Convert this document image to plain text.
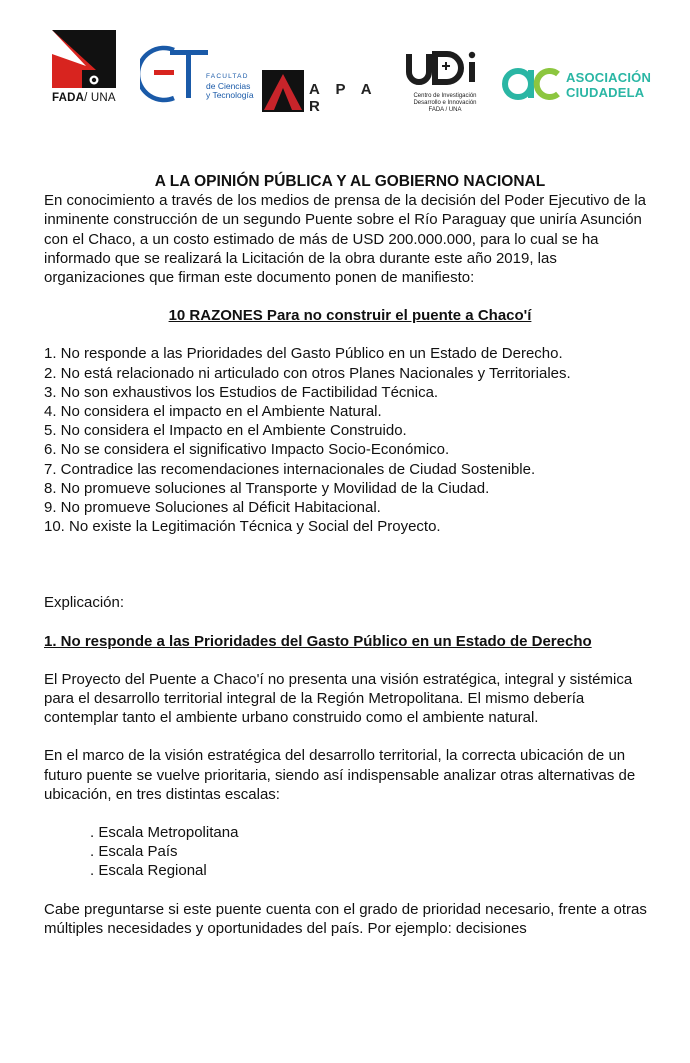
FADA/ UNA
FACULTAD
de Ciencias
y Tecnología	A P A R
Centro de Investigación
Desarrollo e Innovación
FADA / UNA
ASOCIACIÓN
CIUDADELA

A LA OPINIÓN PÚBLICA Y AL GOBIERNO NACIONAL

En conocimiento a través de los medios de prensa de la decisión del Poder Ejecutivo de la inminente construcción de un segundo Puente sobre el Río Paraguay que uniría Asunción con el Chaco, a un costo estimado de más de USD 200.000.000, para lo cual se ha informado que se realizará la Licitación de la obra durante este año 2019, las organizaciones que firman este documento ponen de manifiesto:

10 RAZONES Para no construir el puente a Chaco'í

1. No responde a las Prioridades del Gasto Público en un Estado de Derecho.
2. No está relacionado ni articulado con otros Planes Nacionales y Territoriales.
3. No son exhaustivos los Estudios de Factibilidad Técnica.
4. No considera el impacto en el Ambiente Natural.
5. No considera el Impacto en el Ambiente Construido.
6. No se considera el significativo Impacto Socio-Económico.
7. Contradice las recomendaciones internacionales de Ciudad Sostenible.
8. No promueve soluciones al Transporte y Movilidad de la Ciudad.
9. No promueve Soluciones al Déficit Habitacional.
10. No existe la Legitimación Técnica y Social del Proyecto.

Explicación:

1. No responde a las Prioridades del Gasto Público en un Estado de Derecho

El Proyecto del Puente a Chaco'í no presenta una visión estratégica, integral y sistémica para el desarrollo territorial integral de la Región Metropolitana. El mismo debería contemplar tanto el ambiente urbano construido como el ambiente natural.

En el marco de la visión estratégica del desarrollo territorial, la correcta ubicación de un futuro puente se vuelve prioritaria, siendo así indispensable analizar otras alternativas de ubicación, en tres distintas escalas:

. Escala Metropolitana
. Escala País
. Escala Regional

Cabe preguntarse si este puente cuenta con el grado de prioridad necesario, frente a otras múltiples necesidades y oportunidades del país. Por ejemplo: decisiones
